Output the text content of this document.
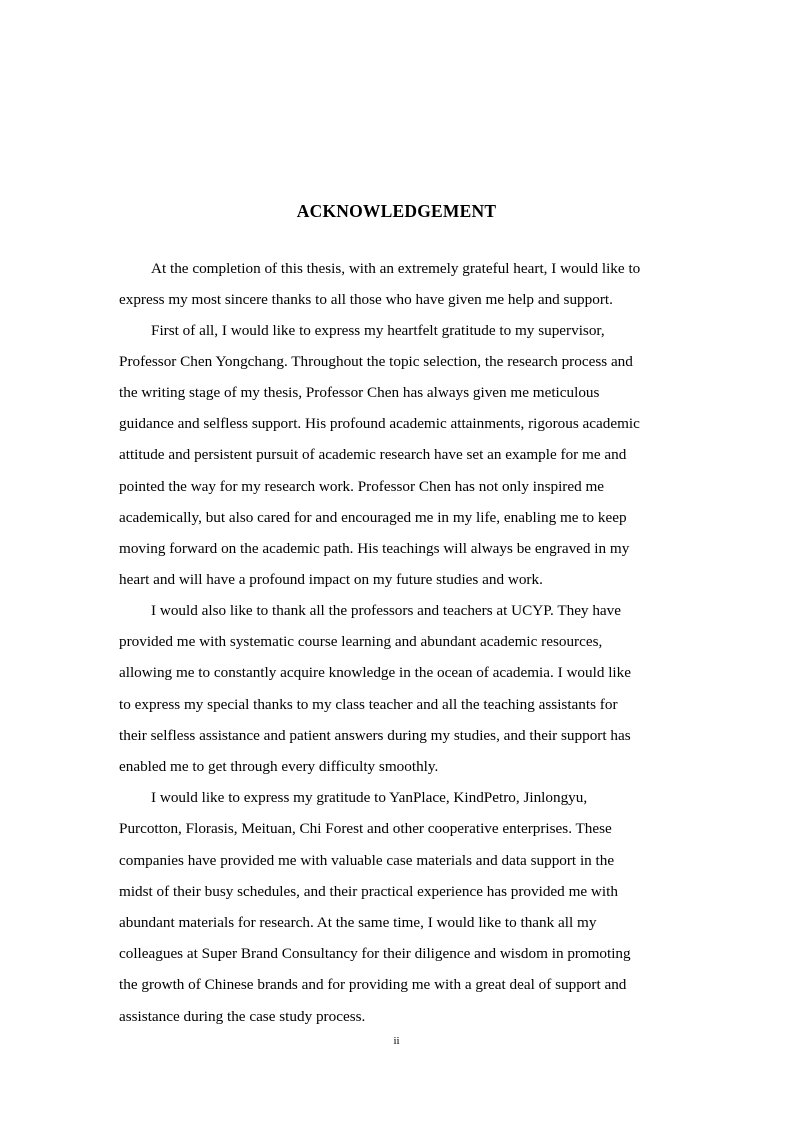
ACKNOWLEDGEMENT
At the completion of this thesis, with an extremely grateful heart, I would like to
express my most sincere thanks to all those who have given me help and support.
First of all, I would like to express my heartfelt gratitude to my supervisor,
Professor Chen Yongchang. Throughout the topic selection, the research process and
the writing stage of my thesis, Professor Chen has always given me meticulous
guidance and selfless support. His profound academic attainments, rigorous academic
attitude and persistent pursuit of academic research have set an example for me and
pointed the way for my research work. Professor Chen has not only inspired me
academically, but also cared for and encouraged me in my life, enabling me to keep
moving forward on the academic path. His teachings will always be engraved in my
heart and will have a profound impact on my future studies and work.
I would also like to thank all the professors and teachers at UCYP. They have
provided me with systematic course learning and abundant academic resources,
allowing me to constantly acquire knowledge in the ocean of academia. I would like
to express my special thanks to my class teacher and all the teaching assistants for
their selfless assistance and patient answers during my studies, and their support has
enabled me to get through every difficulty smoothly.
I would like to express my gratitude to YanPlace, KindPetro, Jinlongyu,
Purcotton, Florasis, Meituan, Chi Forest and other cooperative enterprises. These
companies have provided me with valuable case materials and data support in the
midst of their busy schedules, and their practical experience has provided me with
abundant materials for research. At the same time, I would like to thank all my
colleagues at Super Brand Consultancy for their diligence and wisdom in promoting
the growth of Chinese brands and for providing me with a great deal of support and
assistance during the case study process.
ii
